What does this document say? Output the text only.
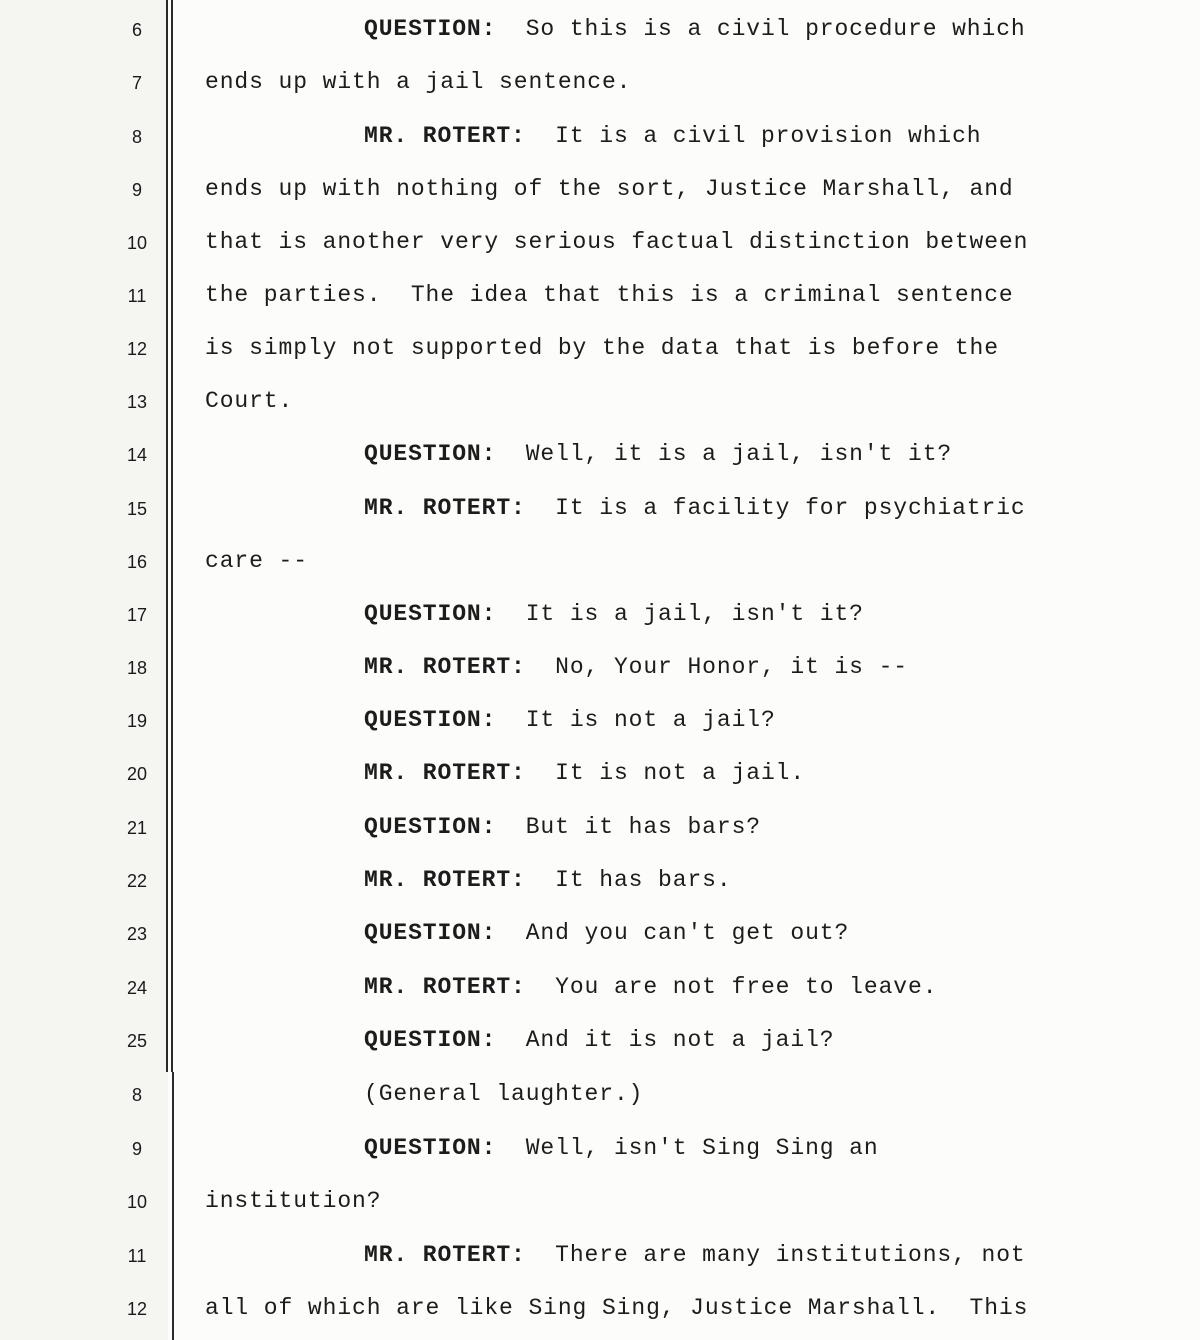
6	QUESTION:  So this is a civil procedure which
7	ends up with a jail sentence.
8	MR. ROTERT:  It is a civil provision which
9	ends up with nothing of the sort, Justice Marshall, and
10	that is another very serious factual distinction between
11	the parties.  The idea that this is a criminal sentence
12	is simply not supported by the data that is before the
13	Court.
14	QUESTION:  Well, it is a jail, isn't it?
15	MR. ROTERT:  It is a facility for psychiatric
16	care --
17	QUESTION:  It is a jail, isn't it?
18	MR. ROTERT:  No, Your Honor, it is --
19	QUESTION:  It is not a jail?
20	MR. ROTERT:  It is not a jail.
21	QUESTION:  But it has bars?
22	MR. ROTERT:  It has bars.
23	QUESTION:  And you can't get out?
24	MR. ROTERT:  You are not free to leave.
25	QUESTION:  And it is not a jail?
8	(General laughter.)
9	QUESTION:  Well, isn't Sing Sing an
10	institution?
11	MR. ROTERT:  There are many institutions, not
12	all of which are like Sing Sing, Justice Marshall.  This
